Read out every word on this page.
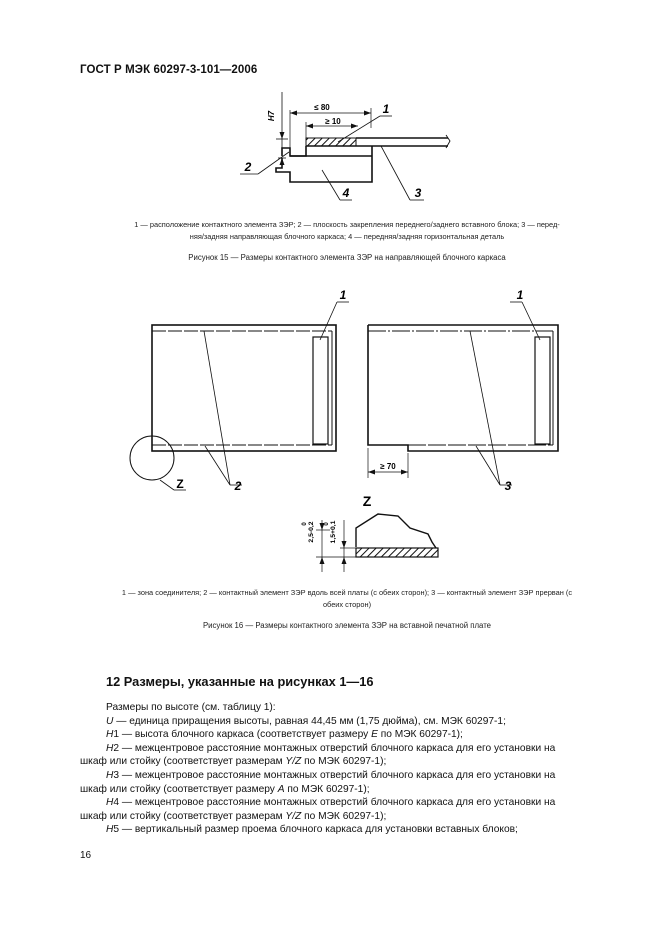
ГОСТ Р МЭК 60297-3-101—2006
H7
≤ 80
≥ 10
1
2
3
4
1 — расположение контактного элемента ЗЭР; 2 — плоскость закрепления переднего/заднего вставного блока; 3 — перед-
няя/задняя направляющая блочного каркаса; 4 — передняя/задняя горизонтальная деталь
Рисунок 15 — Размеры контактного элемента ЗЭР на направляющей блочного каркаса
Z
1
2
≥ 70
1
3
Z
2,5-0,2
0	1,5+0,1
0
1 — зона соединителя; 2 — контактный элемент ЗЭР вдоль всей платы (с обеих сторон); 3 — контактный элемент ЗЭР прерван (с
обеих сторон)
Рисунок 16 — Размеры контактного элемента ЗЭР на вставной печатной плате
12 Размеры, указанные на рисунках 1—16

Размеры по высоте (см. таблицу 1):

U — единица приращения высоты, равная 44,45 мм (1,75 дюйма), см. МЭК 60297-1;

H1 — высота блочного каркаса (соответствует размеру E по МЭК 60297-1);

H2 — межцентровое расстояние монтажных отверстий блочного каркаса для его установки на

шкаф или стойку (соответствует размерам Y/Z по МЭК 60297-1);

H3 — межцентровое расстояние монтажных отверстий блочного каркаса для его установки на

шкаф или стойку (соответствует размеру A по МЭК 60297-1);

H4 — межцентровое расстояние монтажных отверстий блочного каркаса для его установки на

шкаф или стойку (соответствует размерам Y/Z по МЭК 60297-1);

H5 — вертикальный размер проема блочного каркаса для установки вставных блоков;

16
